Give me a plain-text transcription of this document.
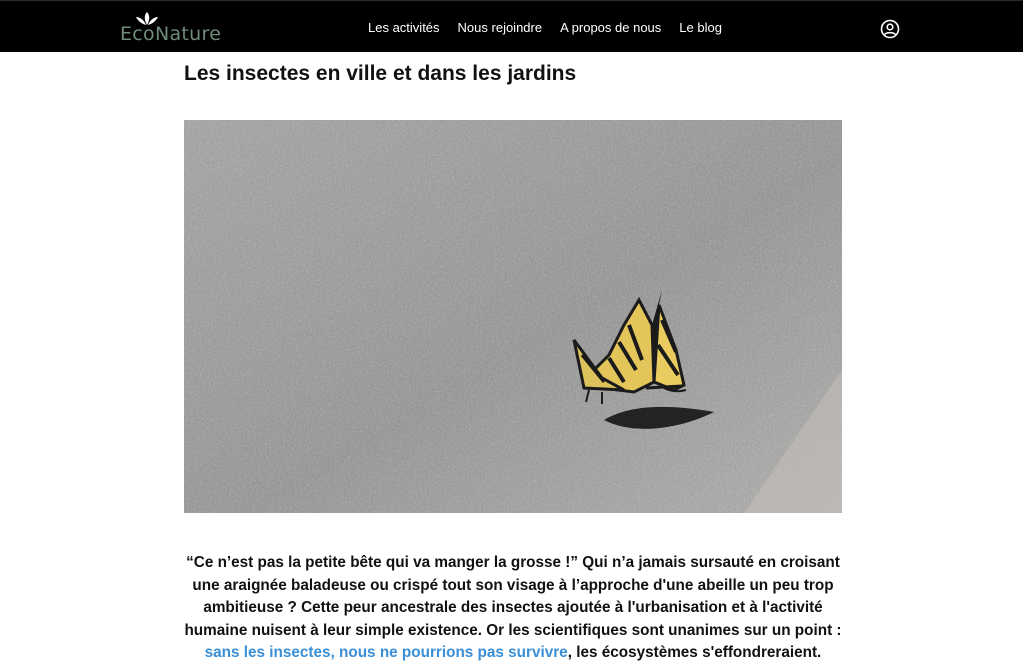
EcoNature	Les activités Nous rejoindre A propos de nous Le blog
Les insectes en ville et dans les jardins

“Ce n’est pas la petite bête qui va manger la grosse !” Qui n’a jamais sursauté en croisant une araignée baladeuse ou crispé tout son visage à l’approche d'une abeille un peu trop ambitieuse ? Cette peur ancestrale des insectes ajoutée à l'urbanisation et à l'activité humaine nuisent à leur simple existence. Or les scientifiques sont unanimes sur un point : sans les insectes, nous ne pourrions pas survivre, les écosystèmes s'effondreraient.
